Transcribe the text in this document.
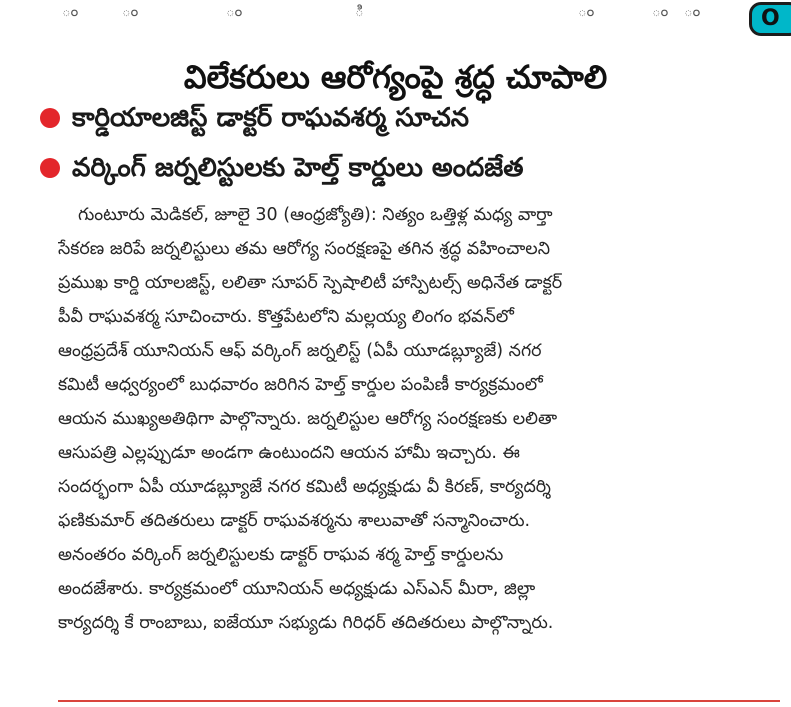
ం	ం	ం	ి	ం	ం ం	O
విలేకరులు ఆరోగ్యంపై శ్రద్ధ చూపాలి
కార్డియాలజిస్ట్ డాక్టర్ రాఘవశర్మ సూచన
వర్కింగ్ జర్నలిస్టులకు హెల్త్ కార్డులు అందజేత
గుంటూరు మెడికల్, జూలై 30 (ఆంధ్రజ్యోతి): నిత్యం ఒత్తిళ్ల మధ్య వార్తా
సేకరణ జరిపే జర్నలిస్టులు తమ ఆరోగ్య సంరక్షణపై తగిన శ్రద్ధ వహించాలని
ప్రముఖ కార్డి యాలజిస్ట్, లలితా సూపర్ స్పెషాలిటీ హాస్పిటల్స్ అధినేత డాక్టర్
పీవీ రాఘవశర్మ సూచించారు. కొత్తపేటలోని మల్లయ్య లింగం భవన్‌లో
ఆంధ్రప్రదేశ్ యూనియన్ ఆఫ్ వర్కింగ్ జర్నలిస్ట్ (ఏపీ యూడబ్ల్యూజే) నగర
కమిటీ ఆధ్వర్యంలో బుధవారం జరిగిన హెల్త్ కార్డుల పంపిణీ కార్యక్రమంలో
ఆయన ముఖ్యఅతిథిగా పాల్గొన్నారు. జర్నలిస్టుల ఆరోగ్య సంరక్షణకు లలితా
ఆసుపత్రి ఎల్లప్పుడూ అండగా ఉంటుందని ఆయన హామీ ఇచ్చారు. ఈ
సందర్భంగా ఏపీ యూడబ్ల్యూజే నగర కమిటీ అధ్యక్షుడు వీ కిరణ్, కార్యదర్శి
ఫణికుమార్ తదితరులు డాక్టర్ రాఘవశర్మను శాలువాతో సన్మానించారు.
అనంతరం వర్కింగ్ జర్నలిస్టులకు డాక్టర్ రాఘవ శర్మ హెల్త్ కార్డులను
అందజేశారు. కార్యక్రమంలో యూనియన్ అధ్యక్షుడు ఎస్‌ఎన్ మీరా, జిల్లా
కార్యదర్శి కే రాంబాబు, ఐజేయూ సభ్యుడు గిరిధర్ తదితరులు పాల్గొన్నారు.
